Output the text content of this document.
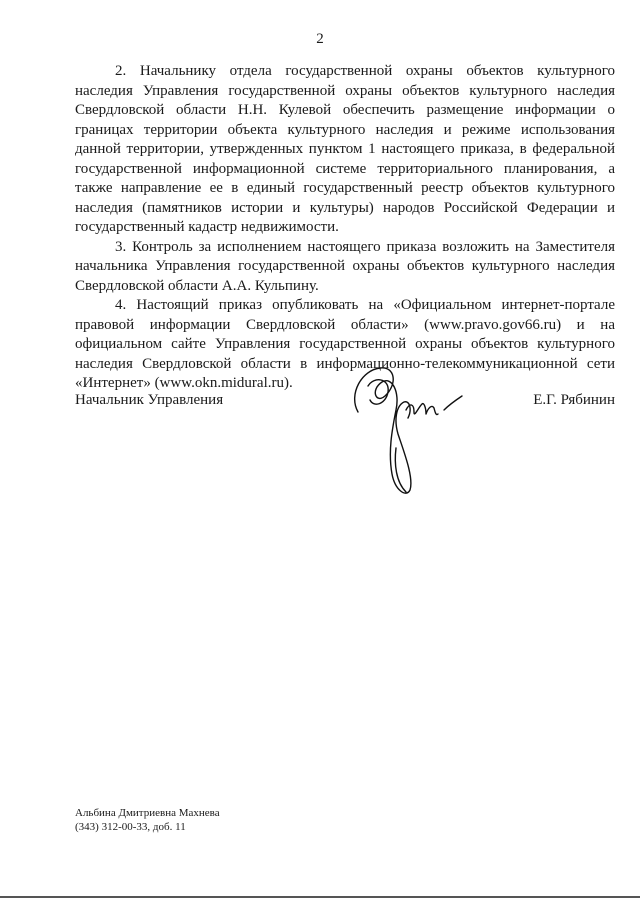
2

2. Начальнику отдела государственной охраны объектов культурного наследия Управления государственной охраны объектов культурного наследия Свердловской области Н.Н. Кулевой обеспечить размещение информации о границах территории объекта культурного наследия и режиме использования данной территории, утвержденных пунктом 1 настоящего приказа, в федеральной государственной информационной системе территориального планирования, а также направление ее в единый государственный реестр объектов культурного наследия (памятников истории и культуры) народов Российской Федерации и государственный кадастр недвижимости.

3. Контроль за исполнением настоящего приказа возложить на Заместителя начальника Управления государственной охраны объектов культурного наследия Свердловской области А.А. Кульпину.

4. Настоящий приказ опубликовать на «Официальном интернет-портале правовой информации Свердловской области» (www.pravo.gov66.ru) и на официальном сайте Управления государственной охраны объектов культурного наследия Свердловской области в информационно-телекоммуникационной сети «Интернет» (www.okn.midural.ru).

Начальник Управления	Е.Г. Рябинин
Альбина Дмитриевна Махнева
(343) 312-00-33, доб. 11
